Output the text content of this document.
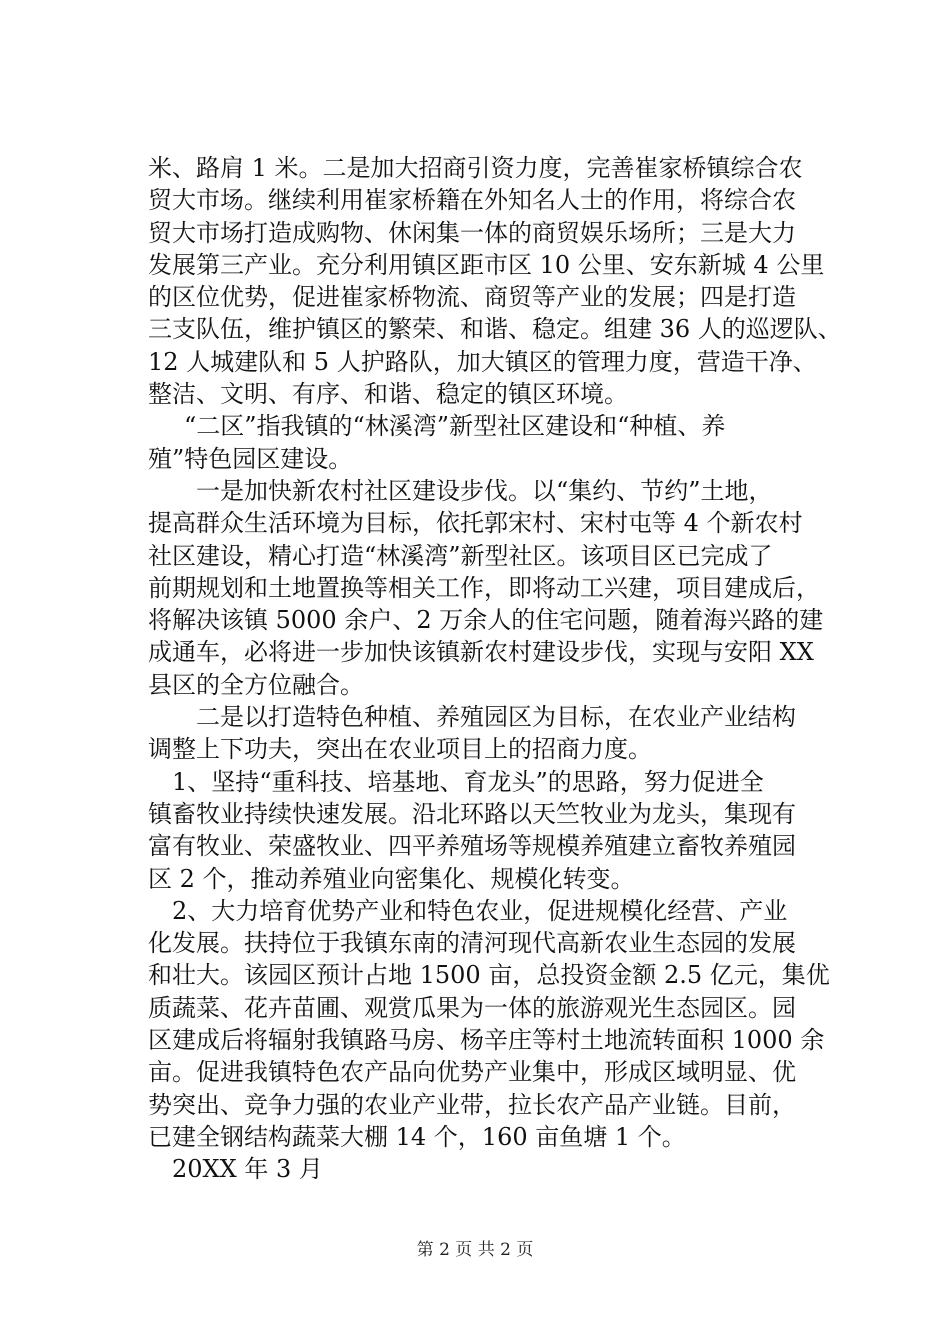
米、路肩 1 米。二是加大招商引资力度，完善崔家桥镇综合农
贸大市场。继续利用崔家桥籍在外知名人士的作用，将综合农
贸大市场打造成购物、休闲集一体的商贸娱乐场所；三是大力
发展第三产业。充分利用镇区距市区 10 公里、安东新城 4 公里
的区位优势，促进崔家桥物流、商贸等产业的发展；四是打造
三支队伍，维护镇区的繁荣、和谐、稳定。组建 36 人的巡逻队、
12 人城建队和 5 人护路队，加大镇区的管理力度，营造干净、
整洁、文明、有序、和谐、稳定的镇区环境。
“二区”指我镇的“林溪湾”新型社区建设和“种植、养
殖”特色园区建设。
一是加快新农村社区建设步伐。以“集约、节约”土地，
提高群众生活环境为目标，依托郭宋村、宋村屯等 4 个新农村
社区建设，精心打造“林溪湾”新型社区。该项目区已完成了
前期规划和土地置换等相关工作，即将动工兴建，项目建成后，
将解决该镇 5000 余户、2 万余人的住宅问题，随着海兴路的建
成通车，必将进一步加快该镇新农村建设步伐，实现与安阳 XX
县区的全方位融合。
二是以打造特色种植、养殖园区为目标，在农业产业结构
调整上下功夫，突出在农业项目上的招商力度。
1、坚持“重科技、培基地、育龙头”的思路，努力促进全
镇畜牧业持续快速发展。沿北环路以天竺牧业为龙头，集现有
富有牧业、荣盛牧业、四平养殖场等规模养殖建立畜牧养殖园
区 2 个，推动养殖业向密集化、规模化转变。
2、大力培育优势产业和特色农业，促进规模化经营、产业
化发展。扶持位于我镇东南的清河现代高新农业生态园的发展
和壮大。该园区预计占地 1500 亩，总投资金额 2.5 亿元，集优
质蔬菜、花卉苗圃、观赏瓜果为一体的旅游观光生态园区。园
区建成后将辐射我镇路马房、杨辛庄等村土地流转面积 1000 余
亩。促进我镇特色农产品向优势产业集中，形成区域明显、优
势突出、竞争力强的农业产业带，拉长农产品产业链。目前，
已建全钢结构蔬菜大棚 14 个，160 亩鱼塘 1 个。
20XX 年 3 月
第 2 页 共 2 页
